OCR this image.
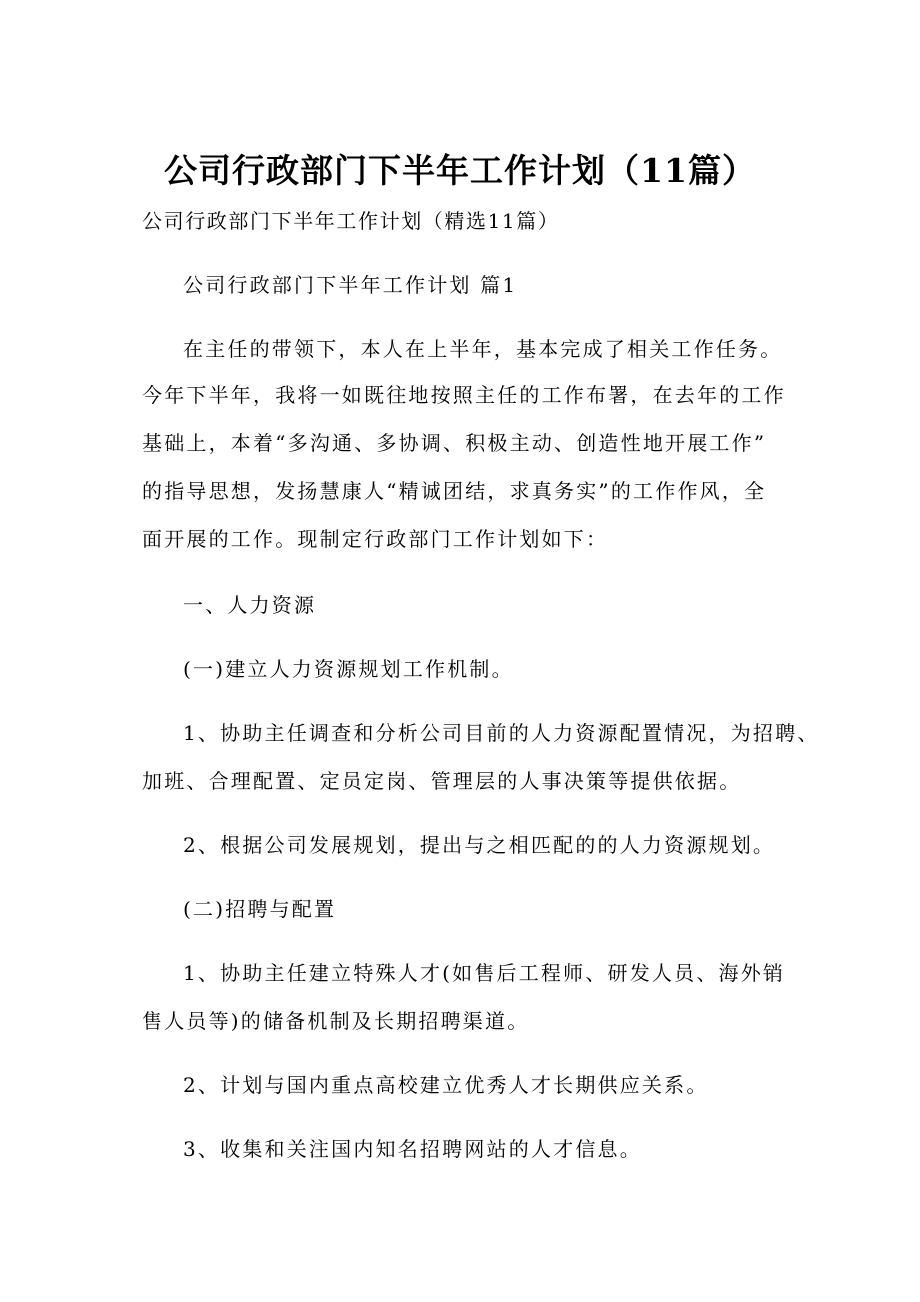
公司行政部门下半年工作计划（11篇）
公司行政部门下半年工作计划（精选11篇）
公司行政部门下半年工作计划 篇1
在主任的带领下，本人在上半年，基本完成了相关工作任务。
今年下半年，我将一如既往地按照主任的工作布署，在去年的工作
基础上，本着“多沟通、多协调、积极主动、创造性地开展工作”
的指导思想，发扬慧康人“精诚团结，求真务实”的工作作风，全
面开展的工作。现制定行政部门工作计划如下：
一、人力资源
(一)建立人力资源规划工作机制。
1、协助主任调查和分析公司目前的人力资源配置情况，为招聘、
加班、合理配置、定员定岗、管理层的人事决策等提供依据。
2、根据公司发展规划，提出与之相匹配的的人力资源规划。
(二)招聘与配置
1、协助主任建立特殊人才(如售后工程师、研发人员、海外销
售人员等)的储备机制及长期招聘渠道。
2、计划与国内重点高校建立优秀人才长期供应关系。
3、收集和关注国内知名招聘网站的人才信息。
